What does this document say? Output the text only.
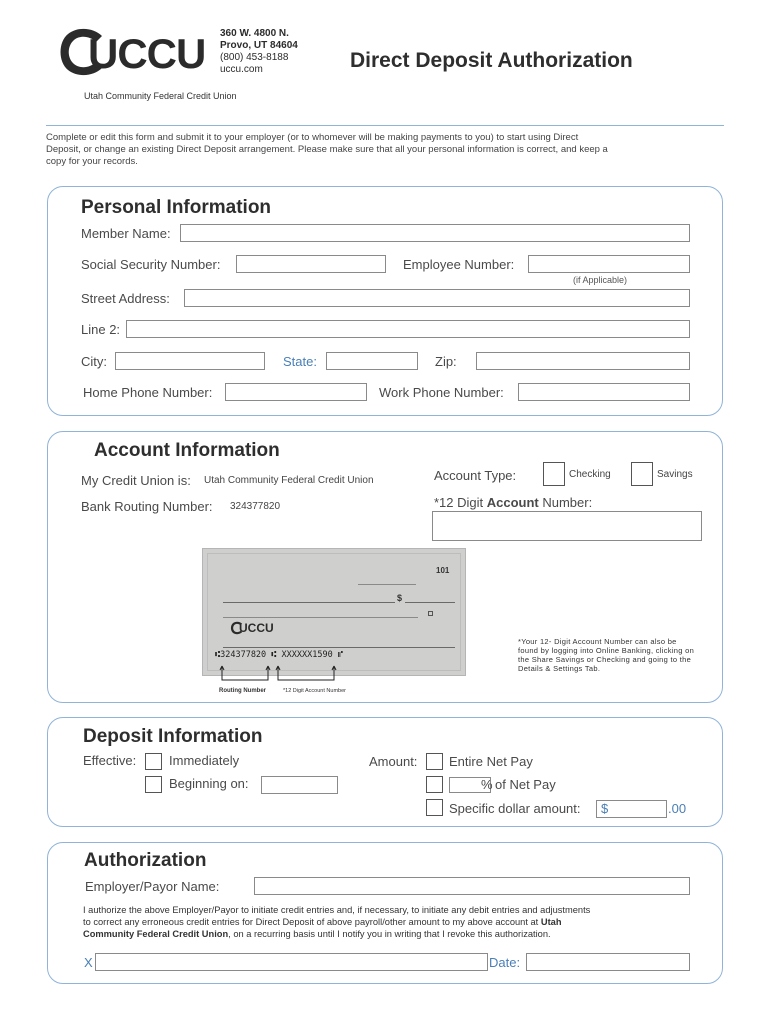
UCCU
Utah Community Federal Credit Union
360 W. 4800 N.
Provo, UT 84604
(800) 453-8188
uccu.com	Direct Deposit Authorization
Complete or edit this form and submit it to your employer (or to whomever will be making payments to you) to start using Direct
Deposit, or change an existing Direct Deposit arrangement. Please make sure that all your personal information is correct, and keep a
copy for your records.
Personal Information
Member Name:
Social Security Number:	Employee Number:
(if Applicable)
Street Address:
Line 2:
City:	State:	Zip:
Home Phone Number:	Work Phone Number:
Account Information
My Credit Union is: Utah Community Federal Credit Union
Bank Routing Number: 324377820
Account Type:	Checking	Savings
*12 Digit Account Number:
101
$
UCCU
⑆324377820 ⑆ XXXXXX1590 ⑈
Routing Number	*12 Digit Account Number
*Your 12- Digit Account Number can also be found by logging into Online Banking, clicking on the Share Savings or Checking and going to the Details & Settings Tab.
Deposit Information
Effective:	Immediately
Beginning on:
Amount: Entire Net Pay
% of Net Pay
Specific dollar amount:	$	.00
Authorization
Employer/Payor Name:
I authorize the above Employer/Payor to initiate credit entries and, if necessary, to initiate any debit entries and adjustments
to correct any erroneous credit entries for Direct Deposit of above payroll/other amount to my above account at Utah
Community Federal Credit Union, on a recurring basis until I notify you in writing that I revoke this authorization.
X	Date:
